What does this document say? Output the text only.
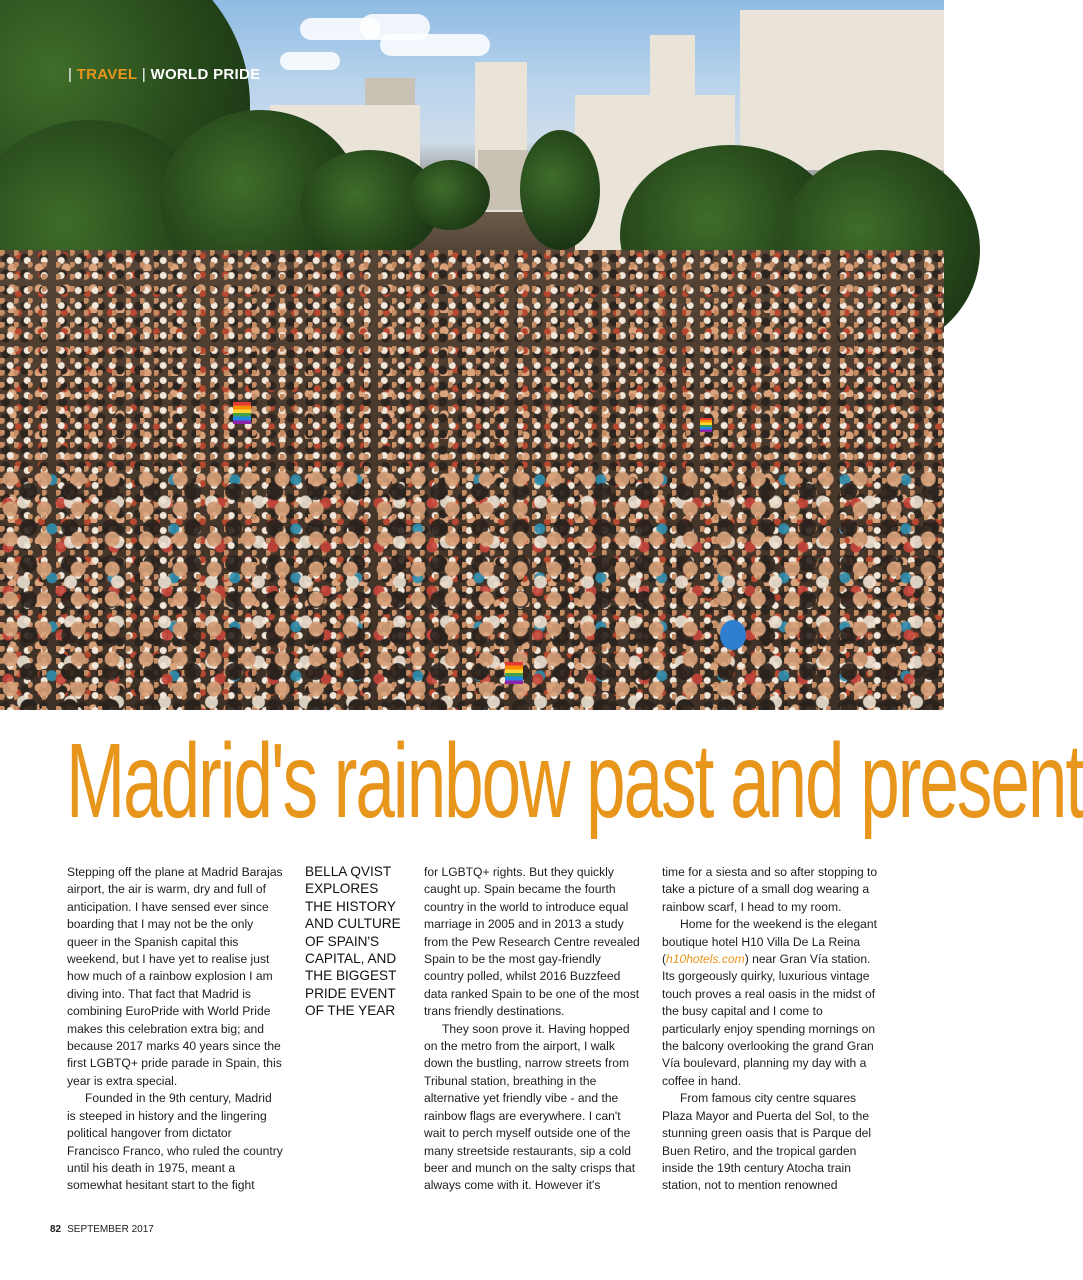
| TRAVEL | WORLD PRIDE
Madrid's rainbow past and present

Stepping off the plane at Madrid Barajas airport, the air is warm, dry and full of anticipation. I have sensed ever since boarding that I may not be the only queer in the Spanish capital this weekend, but I have yet to realise just how much of a rainbow explosion I am diving into. That fact that Madrid is combining EuroPride with World Pride makes this celebration extra big; and because 2017 marks 40 years since the first LGBTQ+ pride parade in Spain, this year is extra special.

Founded in the 9th century, Madrid is steeped in history and the lingering political hangover from dictator Francisco Franco, who ruled the country until his death in 1975, meant a somewhat hesitant start to the fight

BELLA QVIST EXPLORES THE HISTORY AND CULTURE OF SPAIN'S CAPITAL, AND THE BIGGEST PRIDE EVENT OF THE YEAR

for LGBTQ+ rights. But they quickly caught up. Spain became the fourth country in the world to introduce equal marriage in 2005 and in 2013 a study from the Pew Research Centre revealed Spain to be the most gay-friendly country polled, whilst 2016 Buzzfeed data ranked Spain to be one of the most trans friendly destinations.

They soon prove it. Having hopped on the metro from the airport, I walk down the bustling, narrow streets from Tribunal station, breathing in the alternative yet friendly vibe - and the rainbow flags are everywhere. I can't wait to perch myself outside one of the many streetside restaurants, sip a cold beer and munch on the salty crisps that always come with it. However it's

time for a siesta and so after stopping to take a picture of a small dog wearing a rainbow scarf, I head to my room.

Home for the weekend is the elegant boutique hotel H10 Villa De La Reina (h10hotels.com) near Gran Vía station. Its gorgeously quirky, luxurious vintage touch proves a real oasis in the midst of the busy capital and I come to particularly enjoy spending mornings on the balcony overlooking the grand Gran Vía boulevard, planning my day with a coffee in hand.

From famous city centre squares Plaza Mayor and Puerta del Sol, to the stunning green oasis that is Parque del Buen Retiro, and the tropical garden inside the 19th century Atocha train station, not to mention renowned

82 SEPTEMBER 2017
